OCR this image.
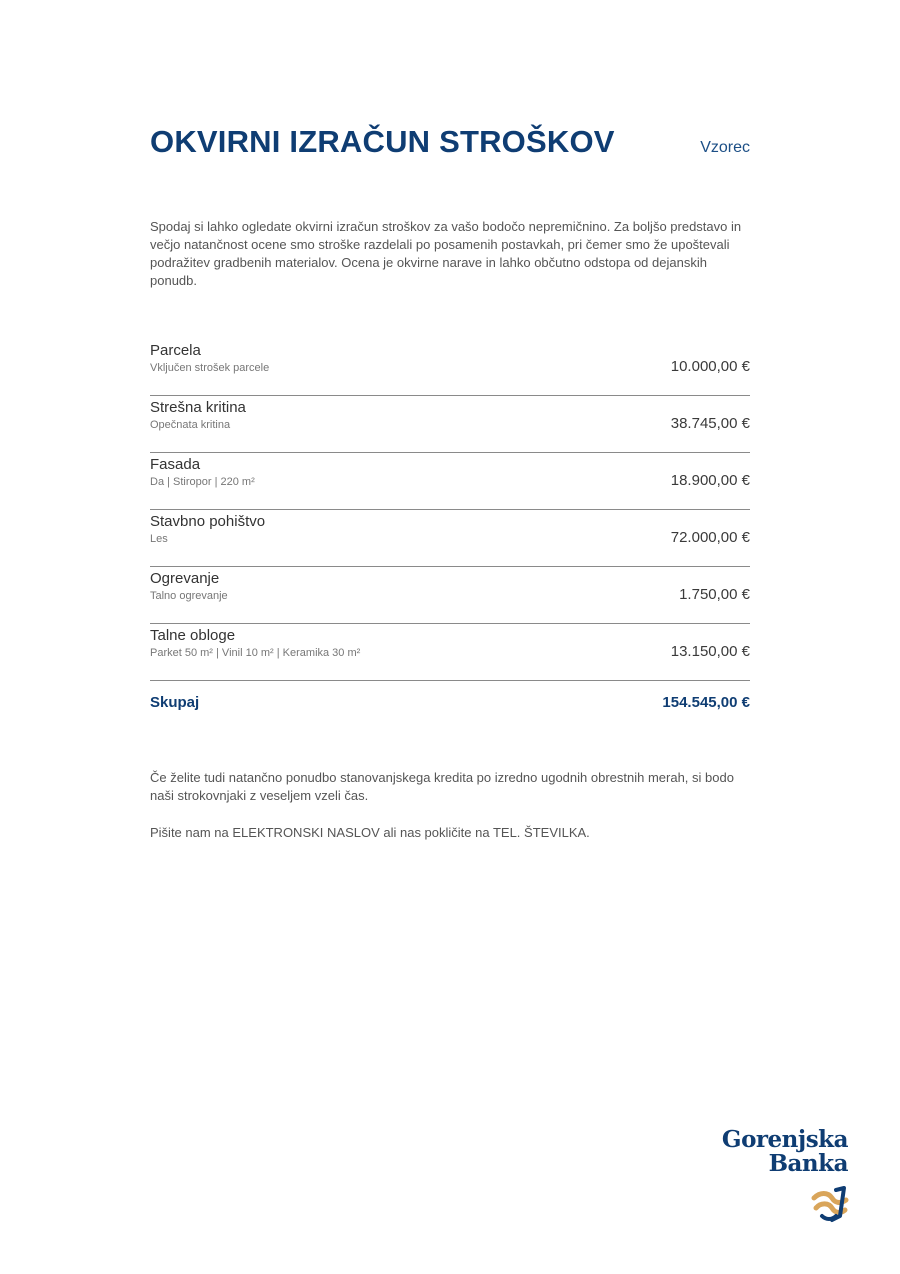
OKVIRNI IZRAČUN STROŠKOV	Vzorec

Spodaj si lahko ogledate okvirni izračun stroškov za vašo bodočo nepremičnino. Za boljšo predstavo in večjo natančnost ocene smo stroške razdelali po posamenih postavkah, pri čemer smo že upoštevali podražitev gradbenih materialov. Ocena je okvirne narave in lahko občutno odstopa od dejanskih ponudb.

Parcela
Vključen strošek parcele	10.000,00 €
Strešna kritina
Opečnata kritina	38.745,00 €
Fasada
Da | Stiropor | 220 m²	18.900,00 €
Stavbno pohištvo
Les	72.000,00 €
Ogrevanje
Talno ogrevanje	1.750,00 €
Talne obloge
Parket 50 m² | Vinil 10 m² | Keramika 30 m²	13.150,00 €
Skupaj	154.545,00 €

Če želite tudi natančno ponudbo stanovanjskega kredita po izredno ugodnih obrestnih merah, si bodo naši strokovnjaki z veseljem vzeli čas.

Pišite nam na ELEKTRONSKI NASLOV ali nas pokličite na TEL. ŠTEVILKA.

Gorenjska
Banka
